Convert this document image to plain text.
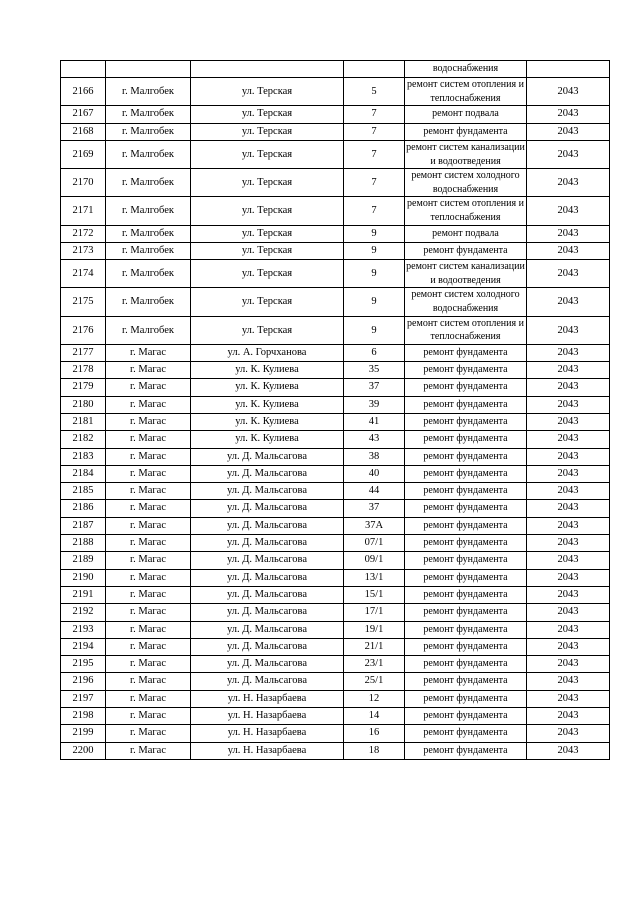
				водоснабжения	
2166	г. Малгобек	ул. Терская	5	ремонт систем отопления и теплоснабжения	2043
2167	г. Малгобек	ул. Терская	7	ремонт подвала	2043
2168	г. Малгобек	ул. Терская	7	ремонт фундамента	2043
2169	г. Малгобек	ул. Терская	7	ремонт систем канализации и водоотведения	2043
2170	г. Малгобек	ул. Терская	7	ремонт систем холодного водоснабжения	2043
2171	г. Малгобек	ул. Терская	7	ремонт систем отопления и теплоснабжения	2043
2172	г. Малгобек	ул. Терская	9	ремонт подвала	2043
2173	г. Малгобек	ул. Терская	9	ремонт фундамента	2043
2174	г. Малгобек	ул. Терская	9	ремонт систем канализации и водоотведения	2043
2175	г. Малгобек	ул. Терская	9	ремонт систем холодного водоснабжения	2043
2176	г. Малгобек	ул. Терская	9	ремонт систем отопления и теплоснабжения	2043
2177	г. Магас	ул. А. Горчханова	6	ремонт фундамента	2043
2178	г. Магас	ул. К. Кулиева	35	ремонт фундамента	2043
2179	г. Магас	ул. К. Кулиева	37	ремонт фундамента	2043
2180	г. Магас	ул. К. Кулиева	39	ремонт фундамента	2043
2181	г. Магас	ул. К. Кулиева	41	ремонт фундамента	2043
2182	г. Магас	ул. К. Кулиева	43	ремонт фундамента	2043
2183	г. Магас	ул. Д. Мальсагова	38	ремонт фундамента	2043
2184	г. Магас	ул. Д. Мальсагова	40	ремонт фундамента	2043
2185	г. Магас	ул. Д. Мальсагова	44	ремонт фундамента	2043
2186	г. Магас	ул. Д. Мальсагова	37	ремонт фундамента	2043
2187	г. Магас	ул. Д. Мальсагова	37А	ремонт фундамента	2043
2188	г. Магас	ул. Д. Мальсагова	07/1	ремонт фундамента	2043
2189	г. Магас	ул. Д. Мальсагова	09/1	ремонт фундамента	2043
2190	г. Магас	ул. Д. Мальсагова	13/1	ремонт фундамента	2043
2191	г. Магас	ул. Д. Мальсагова	15/1	ремонт фундамента	2043
2192	г. Магас	ул. Д. Мальсагова	17/1	ремонт фундамента	2043
2193	г. Магас	ул. Д. Мальсагова	19/1	ремонт фундамента	2043
2194	г. Магас	ул. Д. Мальсагова	21/1	ремонт фундамента	2043
2195	г. Магас	ул. Д. Мальсагова	23/1	ремонт фундамента	2043
2196	г. Магас	ул. Д. Мальсагова	25/1	ремонт фундамента	2043
2197	г. Магас	ул. Н. Назарбаева	12	ремонт фундамента	2043
2198	г. Магас	ул. Н. Назарбаева	14	ремонт фундамента	2043
2199	г. Магас	ул. Н. Назарбаева	16	ремонт фундамента	2043
2200	г. Магас	ул. Н. Назарбаева	18	ремонт фундамента	2043
